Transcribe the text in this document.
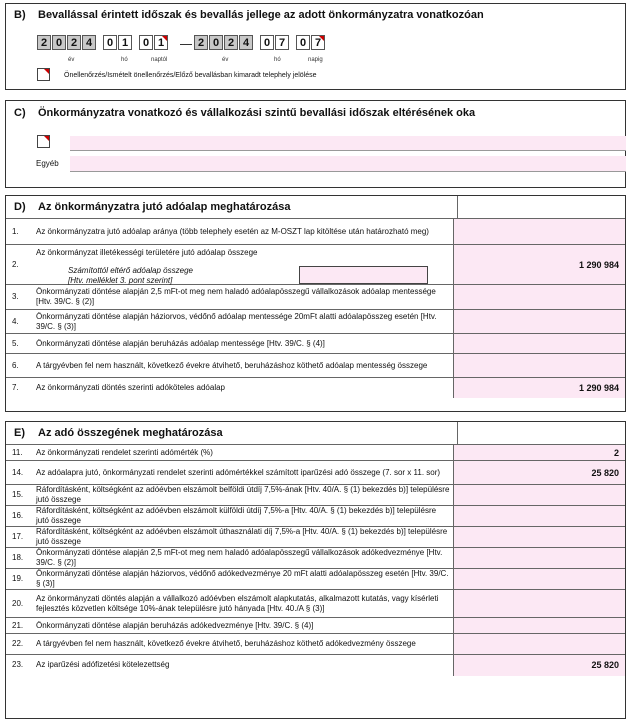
B) Bevallással érintett időszak és bevallás jellege az adott önkormányzatra vonatkozóan
2 0 2 4	0 1	0 1	2 0 2 4	0 7	0 7
év	hó	naptól	év	hó	napig
Önellenőrzés/Ismételt önellenőrzés/Előző bevallásban kimaradt telephely jelölése
C) Önkormányzatra vonatkozó és vállalkozási szintű bevallási időszak eltérésének oka
Egyéb
D) Az önkormányzatra jutó adóalap meghatározása
1.	Az önkormányzatra jutó adóalap aránya (több telephely esetén az M-OSZT lap kitöltése után határozható meg)	
2.	Az önkormányzat illetékességi területére jutó adóalap összege	1 290 984
3.	Önkormányzati döntése alapján 2,5 mFt-ot meg nem haladó adóalapösszegű vállalkozások adóalap mentessége [Htv. 39/C. § (2)]	
4.	Önkormányzati döntése alapján háziorvos, védőnő adóalap mentessége 20mFt alatti adóalapösszeg esetén [Htv. 39/C. § (3)]	
5.	Önkormányzati döntése alapján beruházás adóalap mentessége [Htv. 39/C. § (4)]	
6.	A tárgyévben fel nem használt, következő évekre átvihető, beruházáshoz köthető adóalap mentesség összege	
7.	Az önkormányzati döntés szerinti adóköteles adóalap	1 290 984
Számítottól eltérő adóalap összege
[Htv. melléklet 3. pont szerint]
E) Az adó összegének meghatározása
11.	Az önkormányzati rendelet szerinti adómérték (%)	2
14.	Az adóalapra jutó, önkormányzati rendelet szerinti adómértékkel számított iparűzési adó összege (7. sor x 11. sor)	25 820
15.	Ráfordításként, költségként az adóévben elszámolt belföldi útdíj 7,5%-ának [Htv. 40/A. § (1) bekezdés b)] településre jutó összege	
16.	Ráfordításként, költségként az adóévben elszámolt külföldi útdíj 7,5%-a [Htv. 40/A. § (1) bekezdés b)] településre jutó összege	
17.	Ráfordításként, költségként az adóévben elszámolt úthasználati díj 7,5%-a [Htv. 40/A. § (1) bekezdés b)] településre jutó összege	
18.	Önkormányzati döntése alapján 2,5 mFt-ot meg nem haladó adóalapösszegű vállalkozások adókedvezménye [Htv. 39/C. § (2)]	
19.	Önkormányzati döntése alapján háziorvos, védőnő adókedvezménye 20 mFt alatti adóalapösszeg esetén [Htv. 39/C. § (3)]	
20.	Az önkormányzati döntés alapján a vállalkozó adóévben elszámolt alapkutatás, alkalmazott kutatás, vagy kísérleti fejlesztés közvetlen költsége 10%-ának településre jutó hányada [Htv. 40./A § (3)]	
21.	Önkormányzati döntése alapján beruházás adókedvezménye [Htv. 39/C. § (4)]	
22.	A tárgyévben fel nem használt, következő évekre átvihető, beruházáshoz köthető adókedvezmény összege	
23.	Az iparűzési adófizetési kötelezettség	25 820
